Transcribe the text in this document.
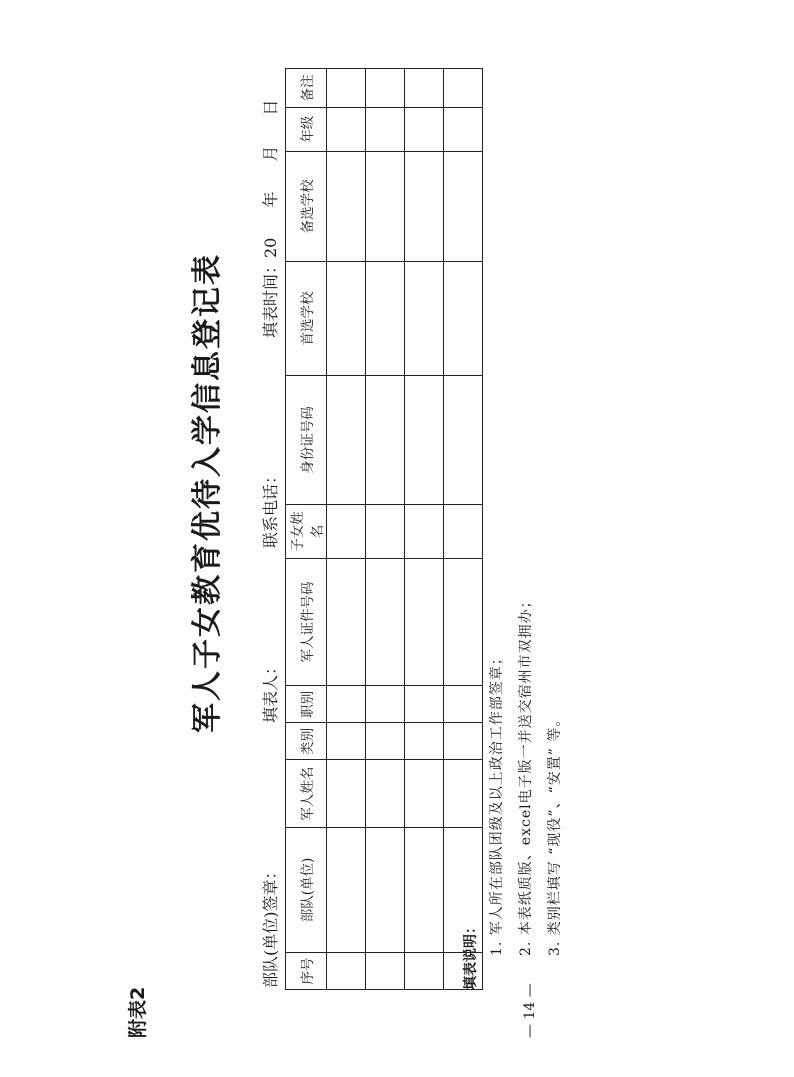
附表2
军人子女教育优待入学信息登记表
部队(单位)签章：
填表人：
联系电话：
填表时间：20年月日
序号	部队(单位)	军人姓名	类别	职别	军人证件号码	子女姓名	身份证号码	首选学校	备选学校	年级	备注

填表说明： 1. 军人所在部队团级及以上政治工作部签章； 2. 本表纸质版、excel电子版一并送交宿州市双拥办； 3. 类别栏填写 “现役”、“安置” 等。
— 14 —
